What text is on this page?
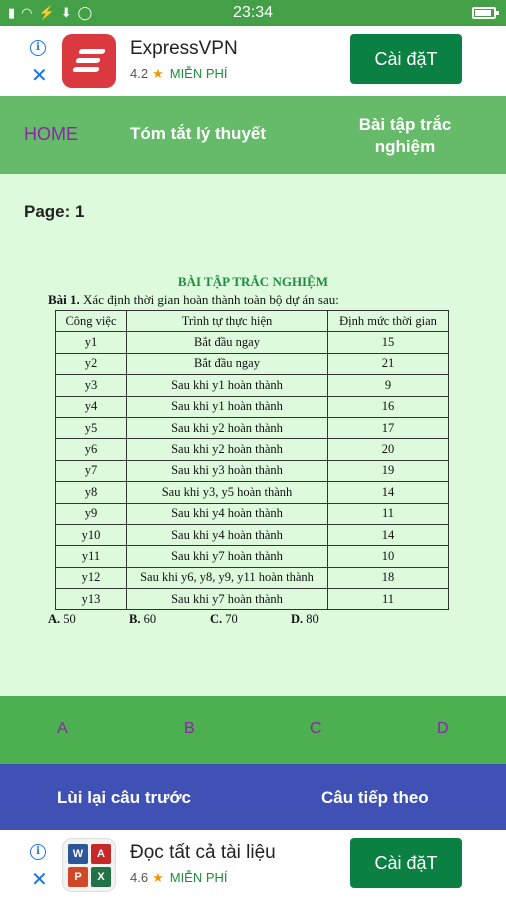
▮ ◠ ⚡ ⬇ ◯	23:34
i
✕
ExpressVPN
4.2 ★ MIỄN PHÍ
Cài đặT
HOME	Tóm tắt lý thuyết	Bài tập trắc nghiệm
Page: 1
BÀI TẬP TRẮC NGHIỆM
Bài 1. Xác định thời gian hoàn thành toàn bộ dự án sau:
Công việc	Trình tự thực hiện	Định mức thời gian
y1	Bắt đầu ngay	15
y2	Bắt đầu ngay	21
y3	Sau khi y1 hoàn thành	9
y4	Sau khi y1 hoàn thành	16
y5	Sau khi y2 hoàn thành	17
y6	Sau khi y2 hoàn thành	20
y7	Sau khi y3 hoàn thành	19
y8	Sau khi y3, y5 hoàn thành	14
y9	Sau khi y4 hoàn thành	11
y10	Sau khi y4 hoàn thành	14
y11	Sau khi y7 hoàn thành	10
y12	Sau khi y6, y8, y9, y11 hoàn thành	18
y13	Sau khi y7 hoàn thành	11
A. 50	B. 60	C. 70	D. 80
A	B	C	D
Lùi lại câu trước	Câu tiếp theo
i
✕
W	A
P	X
Đọc tất cả tài liệu
4.6 ★ MIỄN PHÍ
Cài đặT
